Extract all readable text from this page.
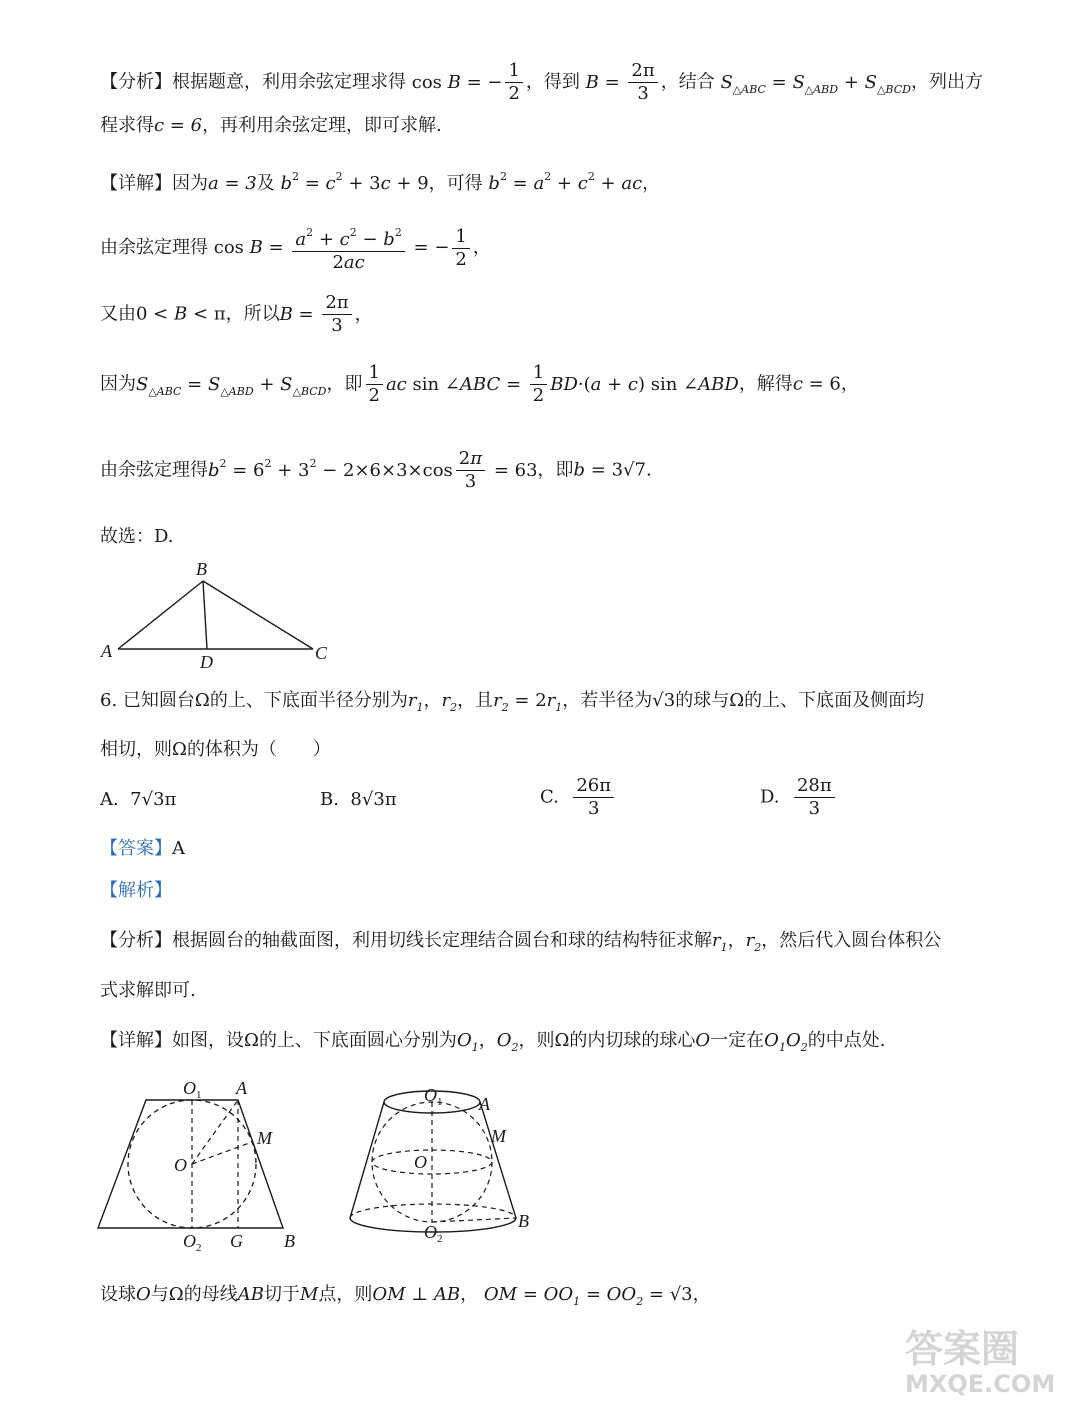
【分析】根据题意，利用余弦定理求得 cos B = − $\frac{1}{2}$ ，得到 $B = \frac{2\pi}{3}$ ，结合 $S_{\triangle ABC} = S_{\triangle ABD} + S_{\triangle BCD}$，列出方
程求得c = 6，再利用余弦定理，即可求解.
【详解】因为a = 3及 $b^2 = c^2 + 3c + 9$，可得 $b^2 = a^2 + c^2$ + ac，
由余弦定理得 $\cos B = \frac{a^2 + c^2 - b^2}{2ac}$ = − $\frac{1}{2}$ ，
又由0 < B < π，所以$B = \frac{2\pi}{3}$ ，
因为$S_{\triangle ABC} = S_{\triangle ABD} + S_{\triangle BCD}$，即 $\frac{1}{2}$ ac sin ∠ABC = $\frac{1}{2} BD\cdot(a + c)$ sin ∠ABD，解得c = 6，
由余弦定理得$b^2 = 6^2 + 3^2 - 2\times 6\times 3\times\cos \frac{2\pi}{3} = 63$，即b = 3√7.
故选：D.
B
A
D	C
6. 已知圆台Ω的上、下底面半径分别为$r_1$，$r_2$，且$r_2 = 2r_1$，若半径为√3的球与Ω的上、下底面及侧面均
相切，则Ω的体积为（　　）
A.  7√3π	B.  8√3π	C. $\frac{26\pi}{3}$	D. $\frac{28\pi}{3}$
【答案】A
【解析】
【分析】根据圆台的轴截面图，利用切线长定理结合圆台和球的结构特征求解$r_1$，$r_2$，然后代入圆台体积公
式求解即可.
【详解】如图，设Ω的上、下底面圆心分别为$O_1$，$O_2$，则Ω的内切球的球心O一定在$O_1O_2$的中点处.
$O_1$ A
M
O
$O_2$ G B
$O_1$ A
M
O
$O_2$
B
设球O与Ω的母线AB切于M点，则OM ⊥ AB， OM = $OO_1 = OO_2 = √3$，
答案圈
MXQE.COM
